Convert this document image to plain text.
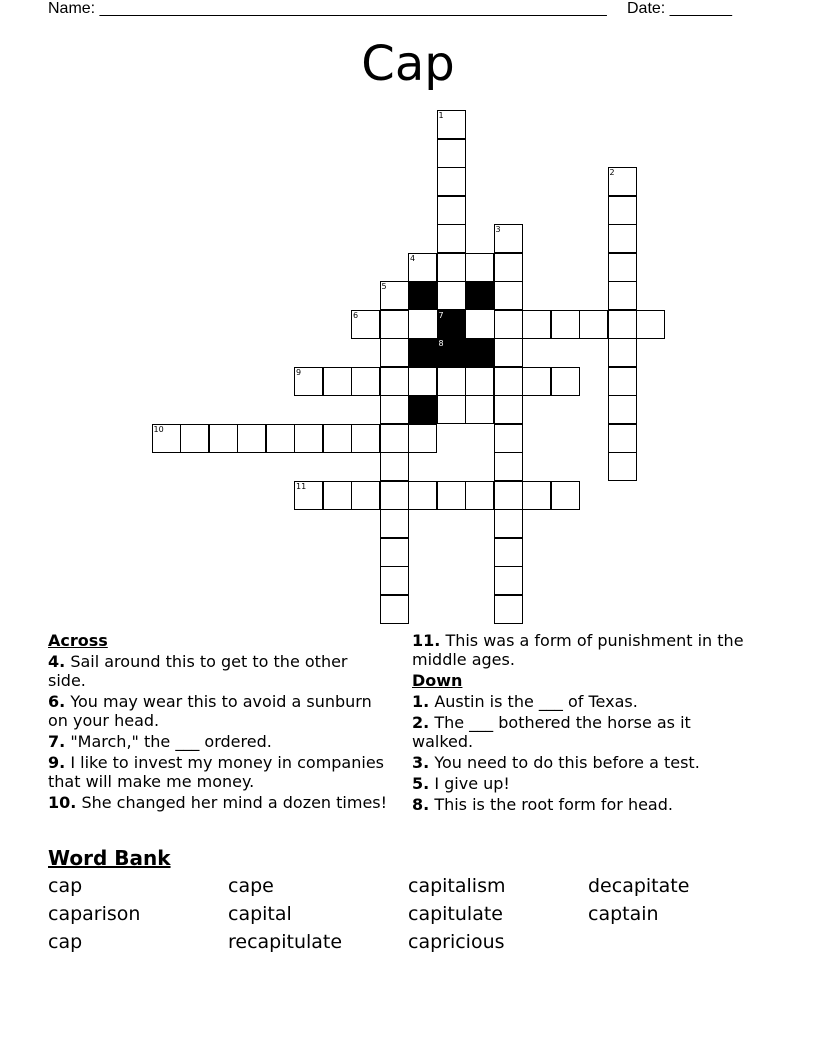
Name: _________________________________________________________ Date: _______
Cap
1
7
8
2
3
4
5
6
9
10
11
Across
4. Sail around this to get to the other side.
6. You may wear this to avoid a sunburn on your head.
7. "March," the ___ ordered.
9. I like to invest my money in companies that will make me money.
10. She changed her mind a dozen times!
11. This was a form of punishment in the middle ages.
Down
1. Austin is the ___ of Texas.
2. The ___ bothered the horse as it walked.
3. You need to do this before a test.
5. I give up!
8. This is the root form for head.
Word Bank
cap	cape	capitalism	decapitate
caparison	capital	capitulate	captain
cap	recapitulate	capricious
